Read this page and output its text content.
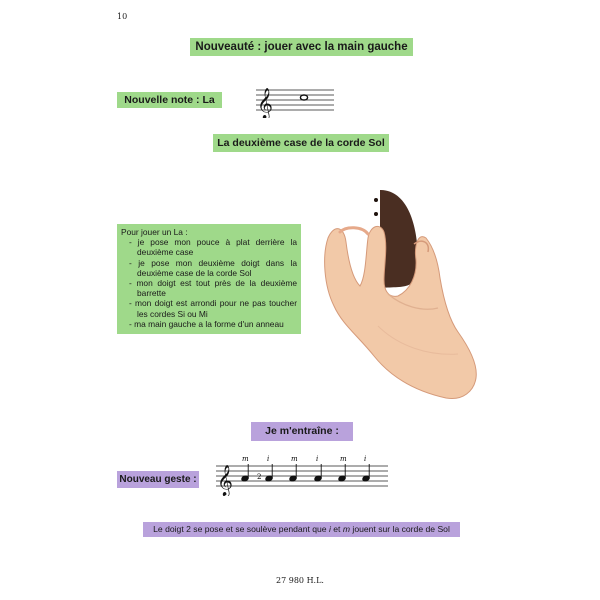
10
Nouveauté : jouer avec la main gauche
Nouvelle note : La 𝄞
La deuxième case de la corde Sol
Pour jouer un La :
- je pose mon pouce à plat derrière la deuxième case
- je pose mon deuxième doigt dans la deuxième case de la corde Sol
- mon doigt est tout près de la deuxième barrette
- mon doigt est arrondi pour ne pas toucher les cordes Si ou Mi
- ma main gauche a la forme d'un anneau
Je m'entraîne :
Nouveau geste : 𝄞
m	i	m	i	m i
2
Le doigt 2 se pose et se soulève pendant que i et m jouent sur la corde de Sol
27 980 H.L.
